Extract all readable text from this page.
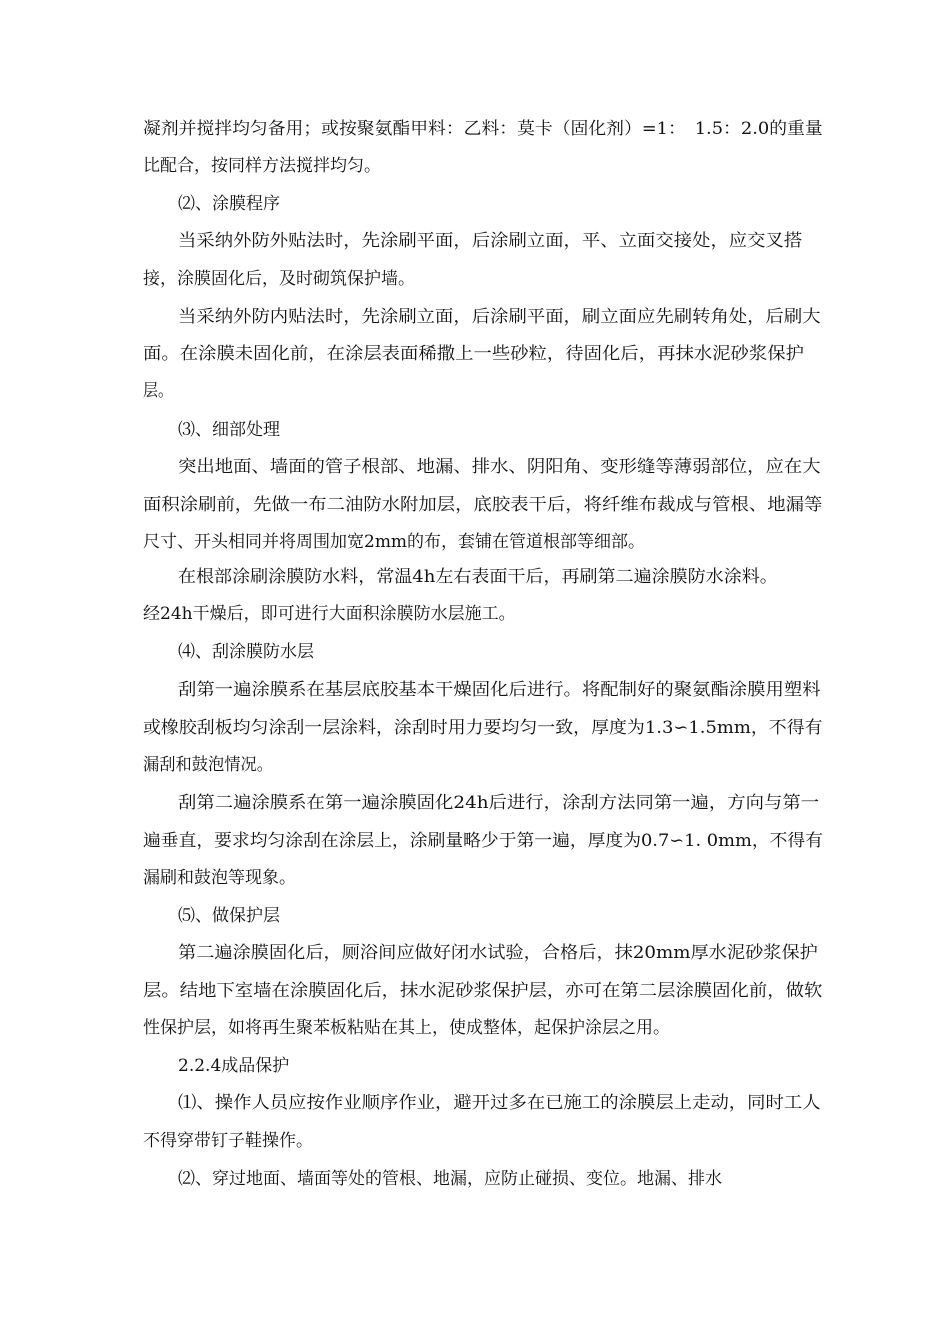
凝剂并搅拌均匀备用；或按聚氨酯甲料：乙料：莫卡（固化剂）=1：　1.5：2.0的重量
比配合，按同样方法搅拌均匀。
⑵、涂膜程序
当采纳外防外贴法时，先涂刷平面，后涂刷立面，平、立面交接处，应交叉搭
接，涂膜固化后，及时砌筑保护墙。
当采纳外防内贴法时，先涂刷立面，后涂刷平面，刷立面应先刷转角处，后刷大
面。在涂膜未固化前，在涂层表面稀撒上一些砂粒，待固化后，再抹水泥砂浆保护
层。
⑶、细部处理
突出地面、墙面的管子根部、地漏、排水、阴阳角、变形缝等薄弱部位，应在大
面积涂刷前，先做一布二油防水附加层，底胶表干后，将纤维布裁成与管根、地漏等
尺寸、开头相同并将周围加宽2mm的布，套铺在管道根部等细部。
在根部涂刷涂膜防水料，常温4h左右表面干后，再刷第二遍涂膜防水涂料。
经24h干燥后，即可进行大面积涂膜防水层施工。
⑷、刮涂膜防水层
刮第一遍涂膜系在基层底胶基本干燥固化后进行。将配制好的聚氨酯涂膜用塑料
或橡胶刮板均匀涂刮一层涂料，涂刮时用力要均匀一致，厚度为1.3∽1.5mm，不得有
漏刮和鼓泡情况。
刮第二遍涂膜系在第一遍涂膜固化24h后进行，涂刮方法同第一遍，方向与第一
遍垂直，要求均匀涂刮在涂层上，涂刷量略少于第一遍，厚度为0.7∽1. 0mm，不得有
漏刷和鼓泡等现象。
⑸、做保护层
第二遍涂膜固化后，厕浴间应做好闭水试验，合格后，抹20mm厚水泥砂浆保护
层。结地下室墙在涂膜固化后，抹水泥砂浆保护层，亦可在第二层涂膜固化前，做软
性保护层，如将再生聚苯板粘贴在其上，使成整体，起保护涂层之用。
2.2.4成品保护
⑴、操作人员应按作业顺序作业，避开过多在已施工的涂膜层上走动，同时工人
不得穿带钉子鞋操作。
⑵、穿过地面、墙面等处的管根、地漏，应防止碰损、变位。地漏、排水
